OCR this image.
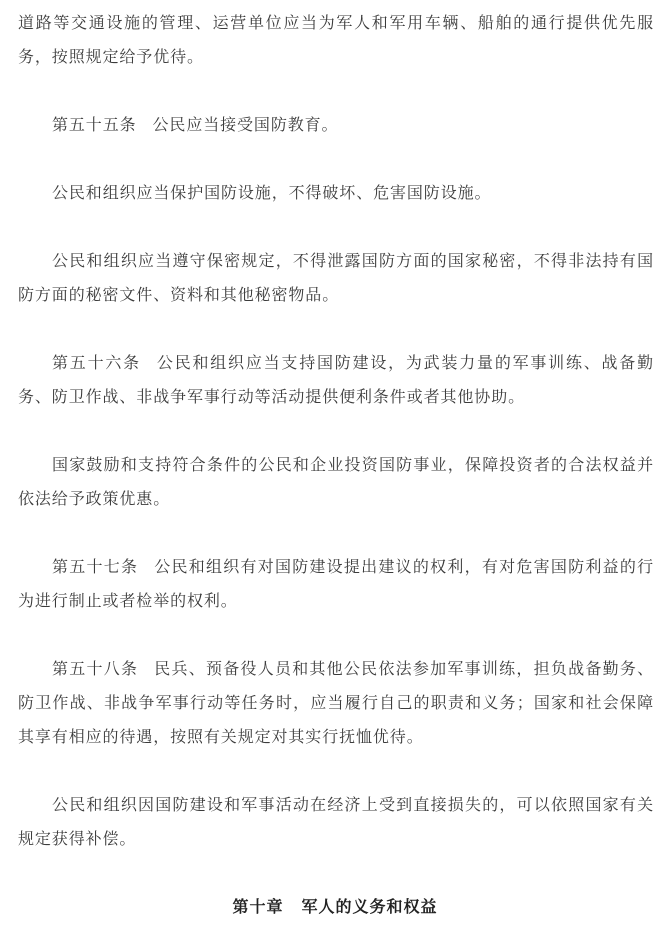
道路等交通设施的管理、运营单位应当为军人和军用车辆、船舶的通行提供优先服务，按照规定给予优待。

第五十五条 公民应当接受国防教育。

公民和组织应当保护国防设施，不得破坏、危害国防设施。

公民和组织应当遵守保密规定，不得泄露国防方面的国家秘密，不得非法持有国防方面的秘密文件、资料和其他秘密物品。

第五十六条 公民和组织应当支持国防建设，为武装力量的军事训练、战备勤务、防卫作战、非战争军事行动等活动提供便利条件或者其他协助。

国家鼓励和支持符合条件的公民和企业投资国防事业，保障投资者的合法权益并依法给予政策优惠。

第五十七条 公民和组织有对国防建设提出建议的权利，有对危害国防利益的行为进行制止或者检举的权利。

第五十八条 民兵、预备役人员和其他公民依法参加军事训练，担负战备勤务、防卫作战、非战争军事行动等任务时，应当履行自己的职责和义务；国家和社会保障其享有相应的待遇，按照有关规定对其实行抚恤优待。

公民和组织因国防建设和军事活动在经济上受到直接损失的，可以依照国家有关规定获得补偿。

第十章 军人的义务和权益
